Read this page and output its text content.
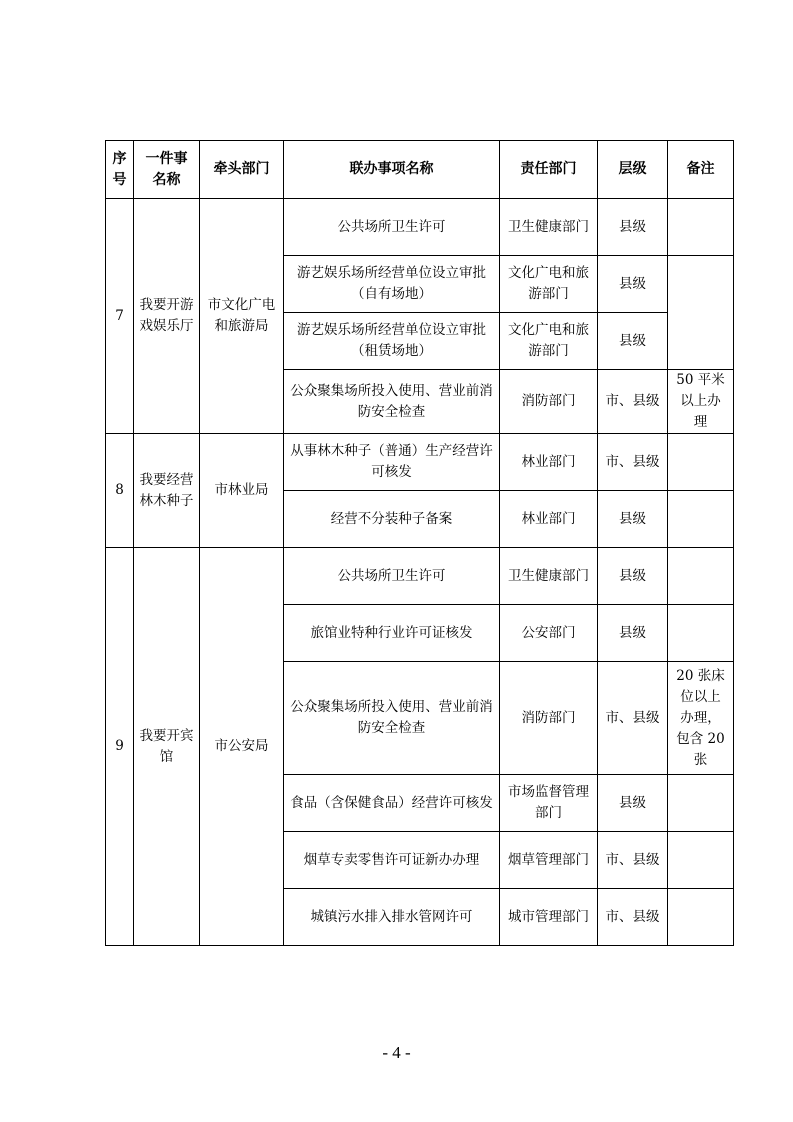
序号	一件事名称	牵头部门	联办事项名称	责任部门	层级	备注
7	我要开游戏娱乐厅	市文化广电和旅游局	公共场所卫生许可	卫生健康部门	县级	
			游艺娱乐场所经营单位设立审批（自有场地）	文化广电和旅游部门	县级	
			游艺娱乐场所经营单位设立审批（租赁场地）	文化广电和旅游部门	县级	
			公众聚集场所投入使用、营业前消防安全检查	消防部门	市、县级	50 平米以上办理
8	我要经营林木种子	市林业局	从事林木种子（普通）生产经营许可核发	林业部门	市、县级	
			经营不分装种子备案	林业部门	县级	
9	我要开宾馆	市公安局	公共场所卫生许可	卫生健康部门	县级	
			旅馆业特种行业许可证核发	公安部门	县级	
			公众聚集场所投入使用、营业前消防安全检查	消防部门	市、县级	20 张床位以上办理，包含 20 张
			食品（含保健食品）经营许可核发	市场监督管理部门	县级	
			烟草专卖零售许可证新办办理	烟草管理部门	市、县级	
			城镇污水排入排水管网许可	城市管理部门	市、县级	
- 4 -
